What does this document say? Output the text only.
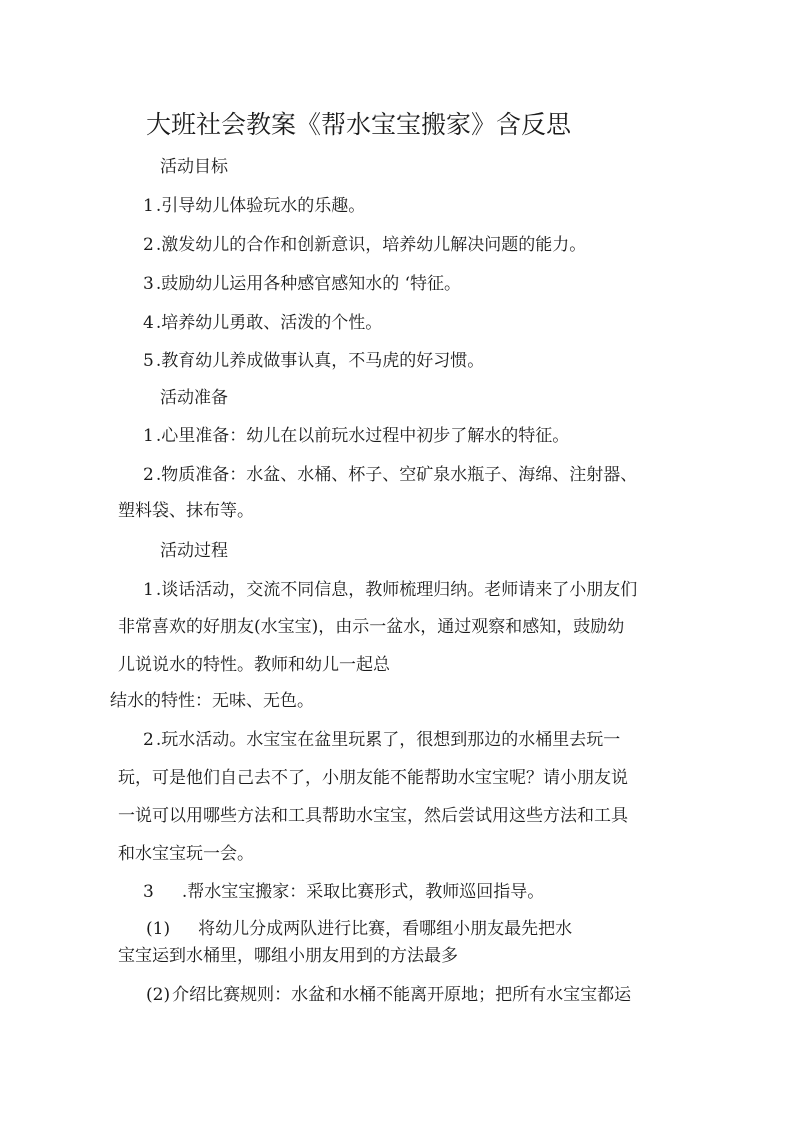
大班社会教案《帮水宝宝搬家》含反思
活动目标
1 .引导幼儿体验玩水的乐趣。
2 .激发幼儿的合作和创新意识，培养幼儿解决问题的能力。
3 .豉励幼儿运用各种感官感知水的 ‘特征。
4 .培养幼儿勇敢、活泼的个性。
5 .教育幼儿养成做事认真，不马虎的好习惯。
活动准备
1 .心里准备：幼儿在以前玩水过程中初步了解水的特征。
2 .物质准备：水盆、水桶、杯子、空矿泉水瓶子、海绵、注射器、
塑料袋、抹布等。
活动过程
1 .谈话活动，交流不同信息，教师梳理归纳。老师请来了小朋友们
非常喜欢的好朋友(水宝宝)，由示一盆水，通过观察和感知，豉励幼
儿说说水的特性。教师和幼儿一起总
结水的特性：无味、无色。
2 .玩水活动。水宝宝在盆里玩累了，很想到那边的水桶里去玩一
玩，可是他们自己去不了，小朋友能不能帮助水宝宝呢？请小朋友说
一说可以用哪些方法和工具帮助水宝宝，然后尝试用这些方法和工具
和水宝宝玩一会。
3 .帮水宝宝搬家：采取比赛形式，教师巡回指导。
(1) 将幼儿分成两队进行比赛，看哪组小朋友最先把水
宝宝运到水桶里，哪组小朋友用到的方法最多
(2) 介绍比赛规则：水盆和水桶不能离开原地；把所有水宝宝都运
